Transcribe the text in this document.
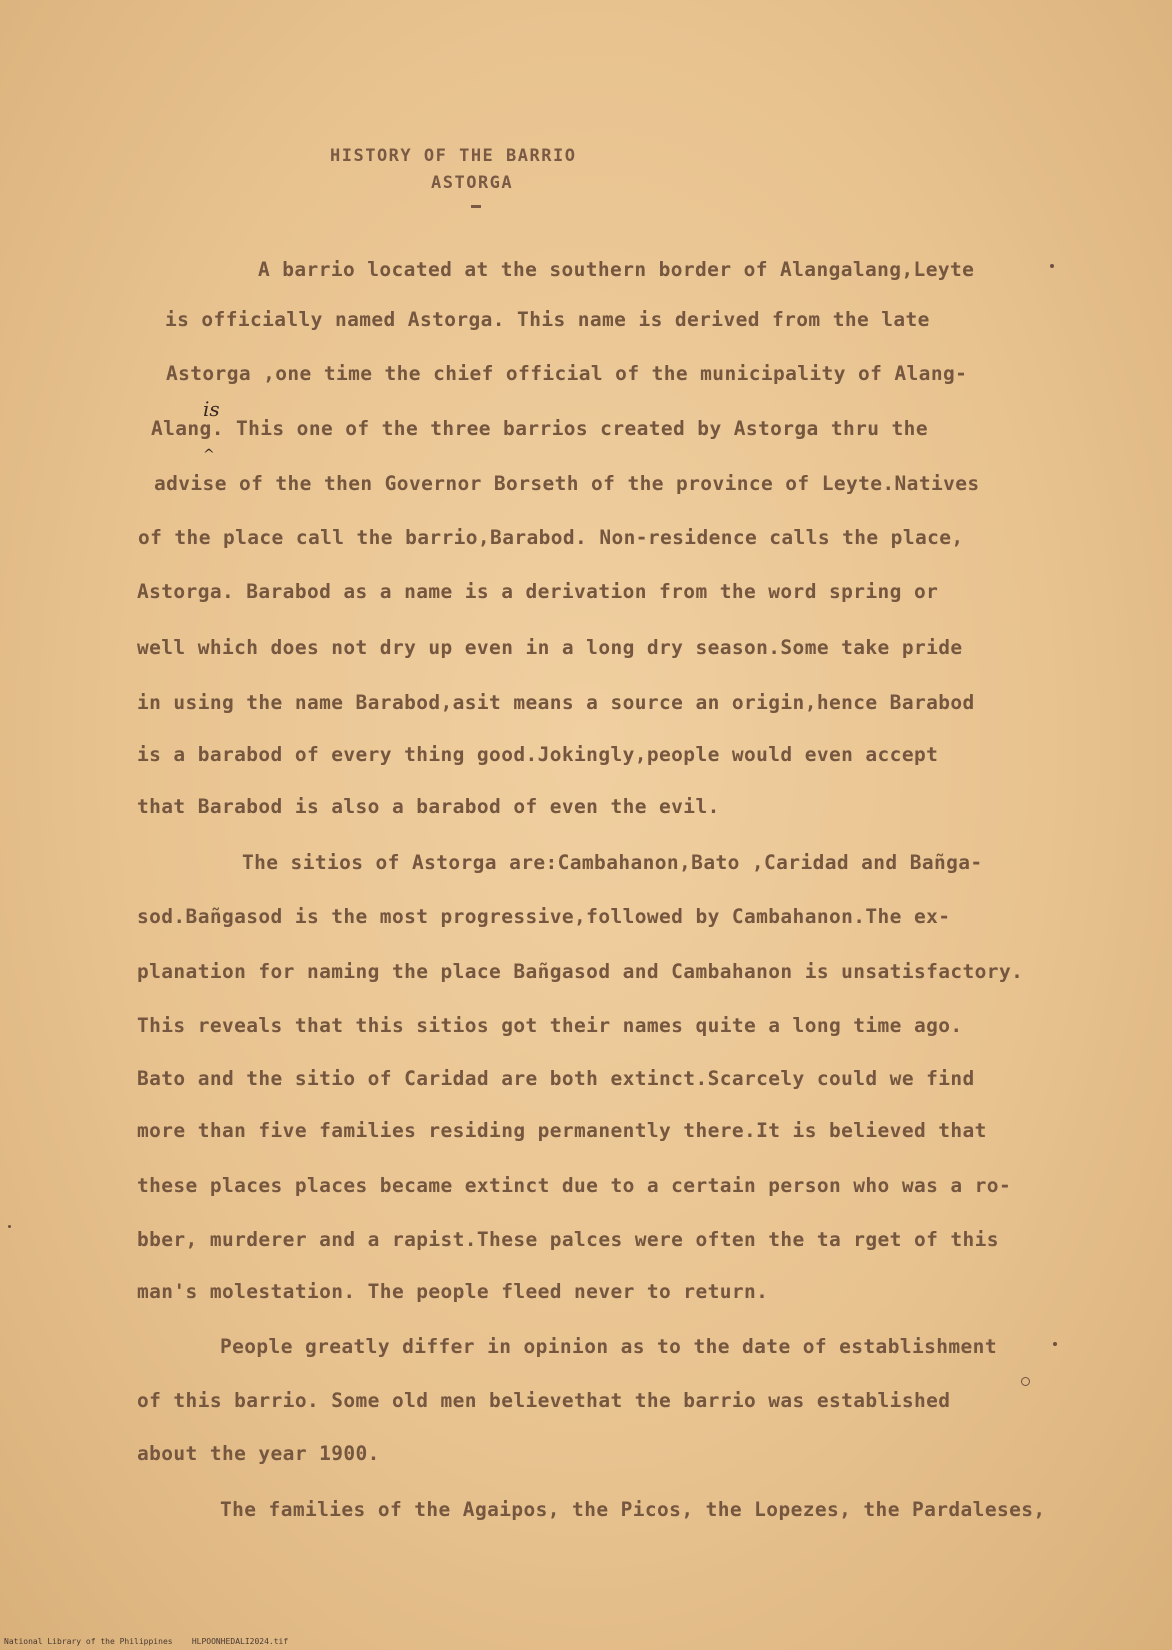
HISTORY OF THE BARRIO
ASTORGA

A barrio located at the southern border of Alangalang,Leyte

is officially named Astorga. This name is derived from the late

Astorga ,one time the chief official of the municipality of Alang-

Alang. This one of the three barrios created by Astorga thru the

advise of the then Governor Borseth of the province of Leyte.Natives

of the place call the barrio,Barabod. Non-residence calls the place,

Astorga. Barabod as a name is a derivation from the word spring or

well which does not dry up even in a long dry season.Some take pride

in using the name Barabod,asit means a source an origin,hence Barabod

is a barabod of every thing good.Jokingly,people would even accept

that Barabod is also a barabod of even the evil.

is
^

The sitios of Astorga are:Cambahanon,Bato ,Caridad and Bañga-

sod.Bañgasod is the most progressive,followed by Cambahanon.The ex-

planation for naming the place Bañgasod and Cambahanon is unsatisfactory.

This reveals that this sitios got their names quite a long time ago.

Bato and the sitio of Caridad are both extinct.Scarcely could we find

more than five families residing permanently there.It is believed that

these places places became extinct due to a certain person who was a ro-

bber, murderer and a rapist.These palces were often the ta rget of this

man's molestation. The people fleed never to return.

People greatly differ in opinion as to the date of establishment

of this barrio. Some old men believethat the barrio was established

about the year 1900.

The families of the Agaipos, the Picos, the Lopezes, the Pardaleses,

National Library of the Philippines    HLPOONHEDALI2024.tif
